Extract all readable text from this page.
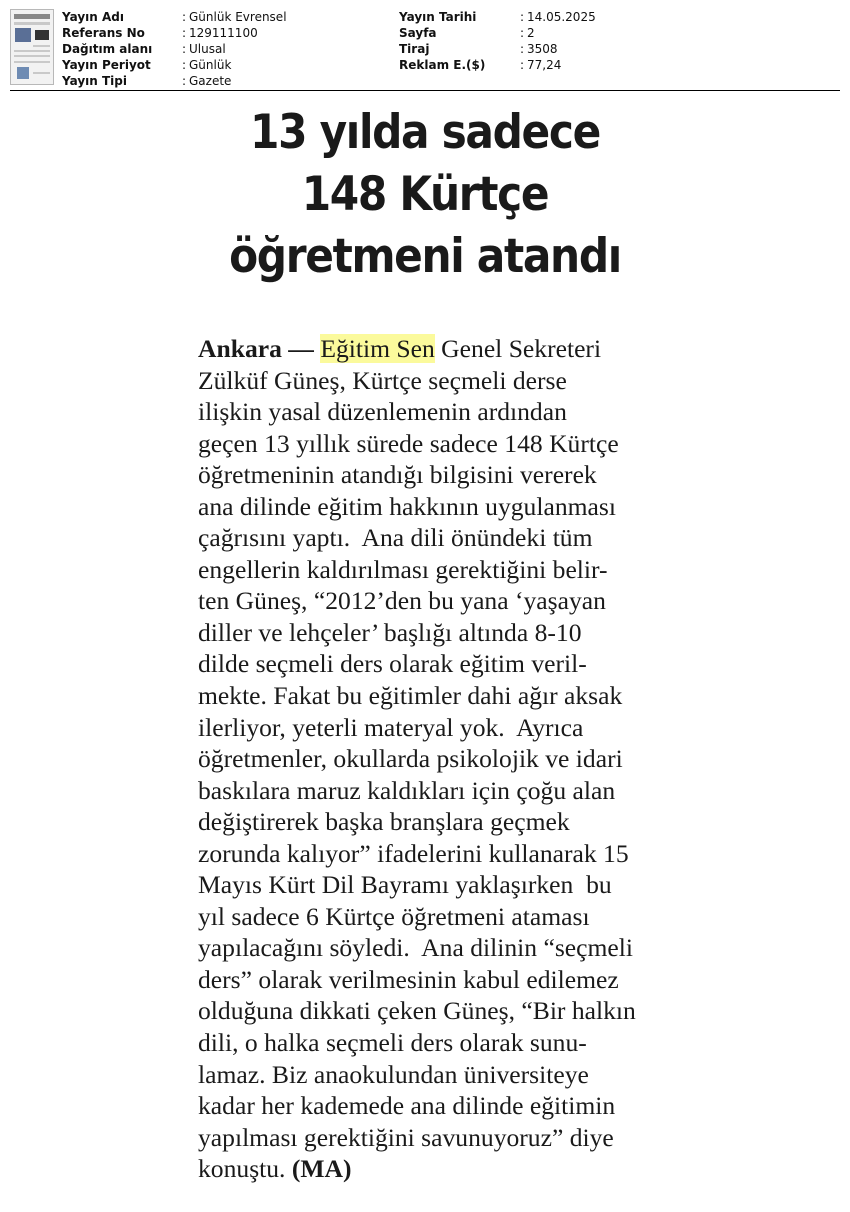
Yayın Adı	: Günlük Evrensel
Referans No	: 129111100
Dağıtım alanı	: Ulusal
Yayın Periyot	: Günlük
Yayın Tipi	: Gazete
Yayın Tarihi	: 14.05.2025
Sayfa	: 2
Tiraj	: 3508
Reklam E.($)	: 77,24
13 yılda sadece
148 Kürtçe
öğretmeni atandı
Ankara — Eğitim Sen Genel Sekreteri
Zülküf Güneş, Kürtçe seçmeli derse
ilişkin yasal düzenlemenin ardından
geçen 13 yıllık sürede sadece 148 Kürtçe
öğretmeninin atandığı bilgisini vererek
ana dilinde eğitim hakkının uygulanması
çağrısını yaptı.  Ana dili önündeki tüm
engellerin kaldırılması gerektiğini belir-
ten Güneş, “2012’den bu yana ‘yaşayan
diller ve lehçeler’ başlığı altında 8-10
dilde seçmeli ders olarak eğitim veril-
mekte. Fakat bu eğitimler dahi ağır aksak
ilerliyor, yeterli materyal yok.  Ayrıca
öğretmenler, okullarda psikolojik ve idari
baskılara maruz kaldıkları için çoğu alan
değiştirerek başka branşlara geçmek
zorunda kalıyor” ifadelerini kullanarak 15
Mayıs Kürt Dil Bayramı yaklaşırken  bu
yıl sadece 6 Kürtçe öğretmeni ataması
yapılacağını söyledi.  Ana dilinin “seçmeli
ders” olarak verilmesinin kabul edilemez
olduğuna dikkati çeken Güneş, “Bir halkın
dili, o halka seçmeli ders olarak sunu-
lamaz. Biz anaokulundan üniversiteye
kadar her kademede ana dilinde eğitimin
yapılması gerektiğini savunuyoruz” diye
konuştu. (MA)
